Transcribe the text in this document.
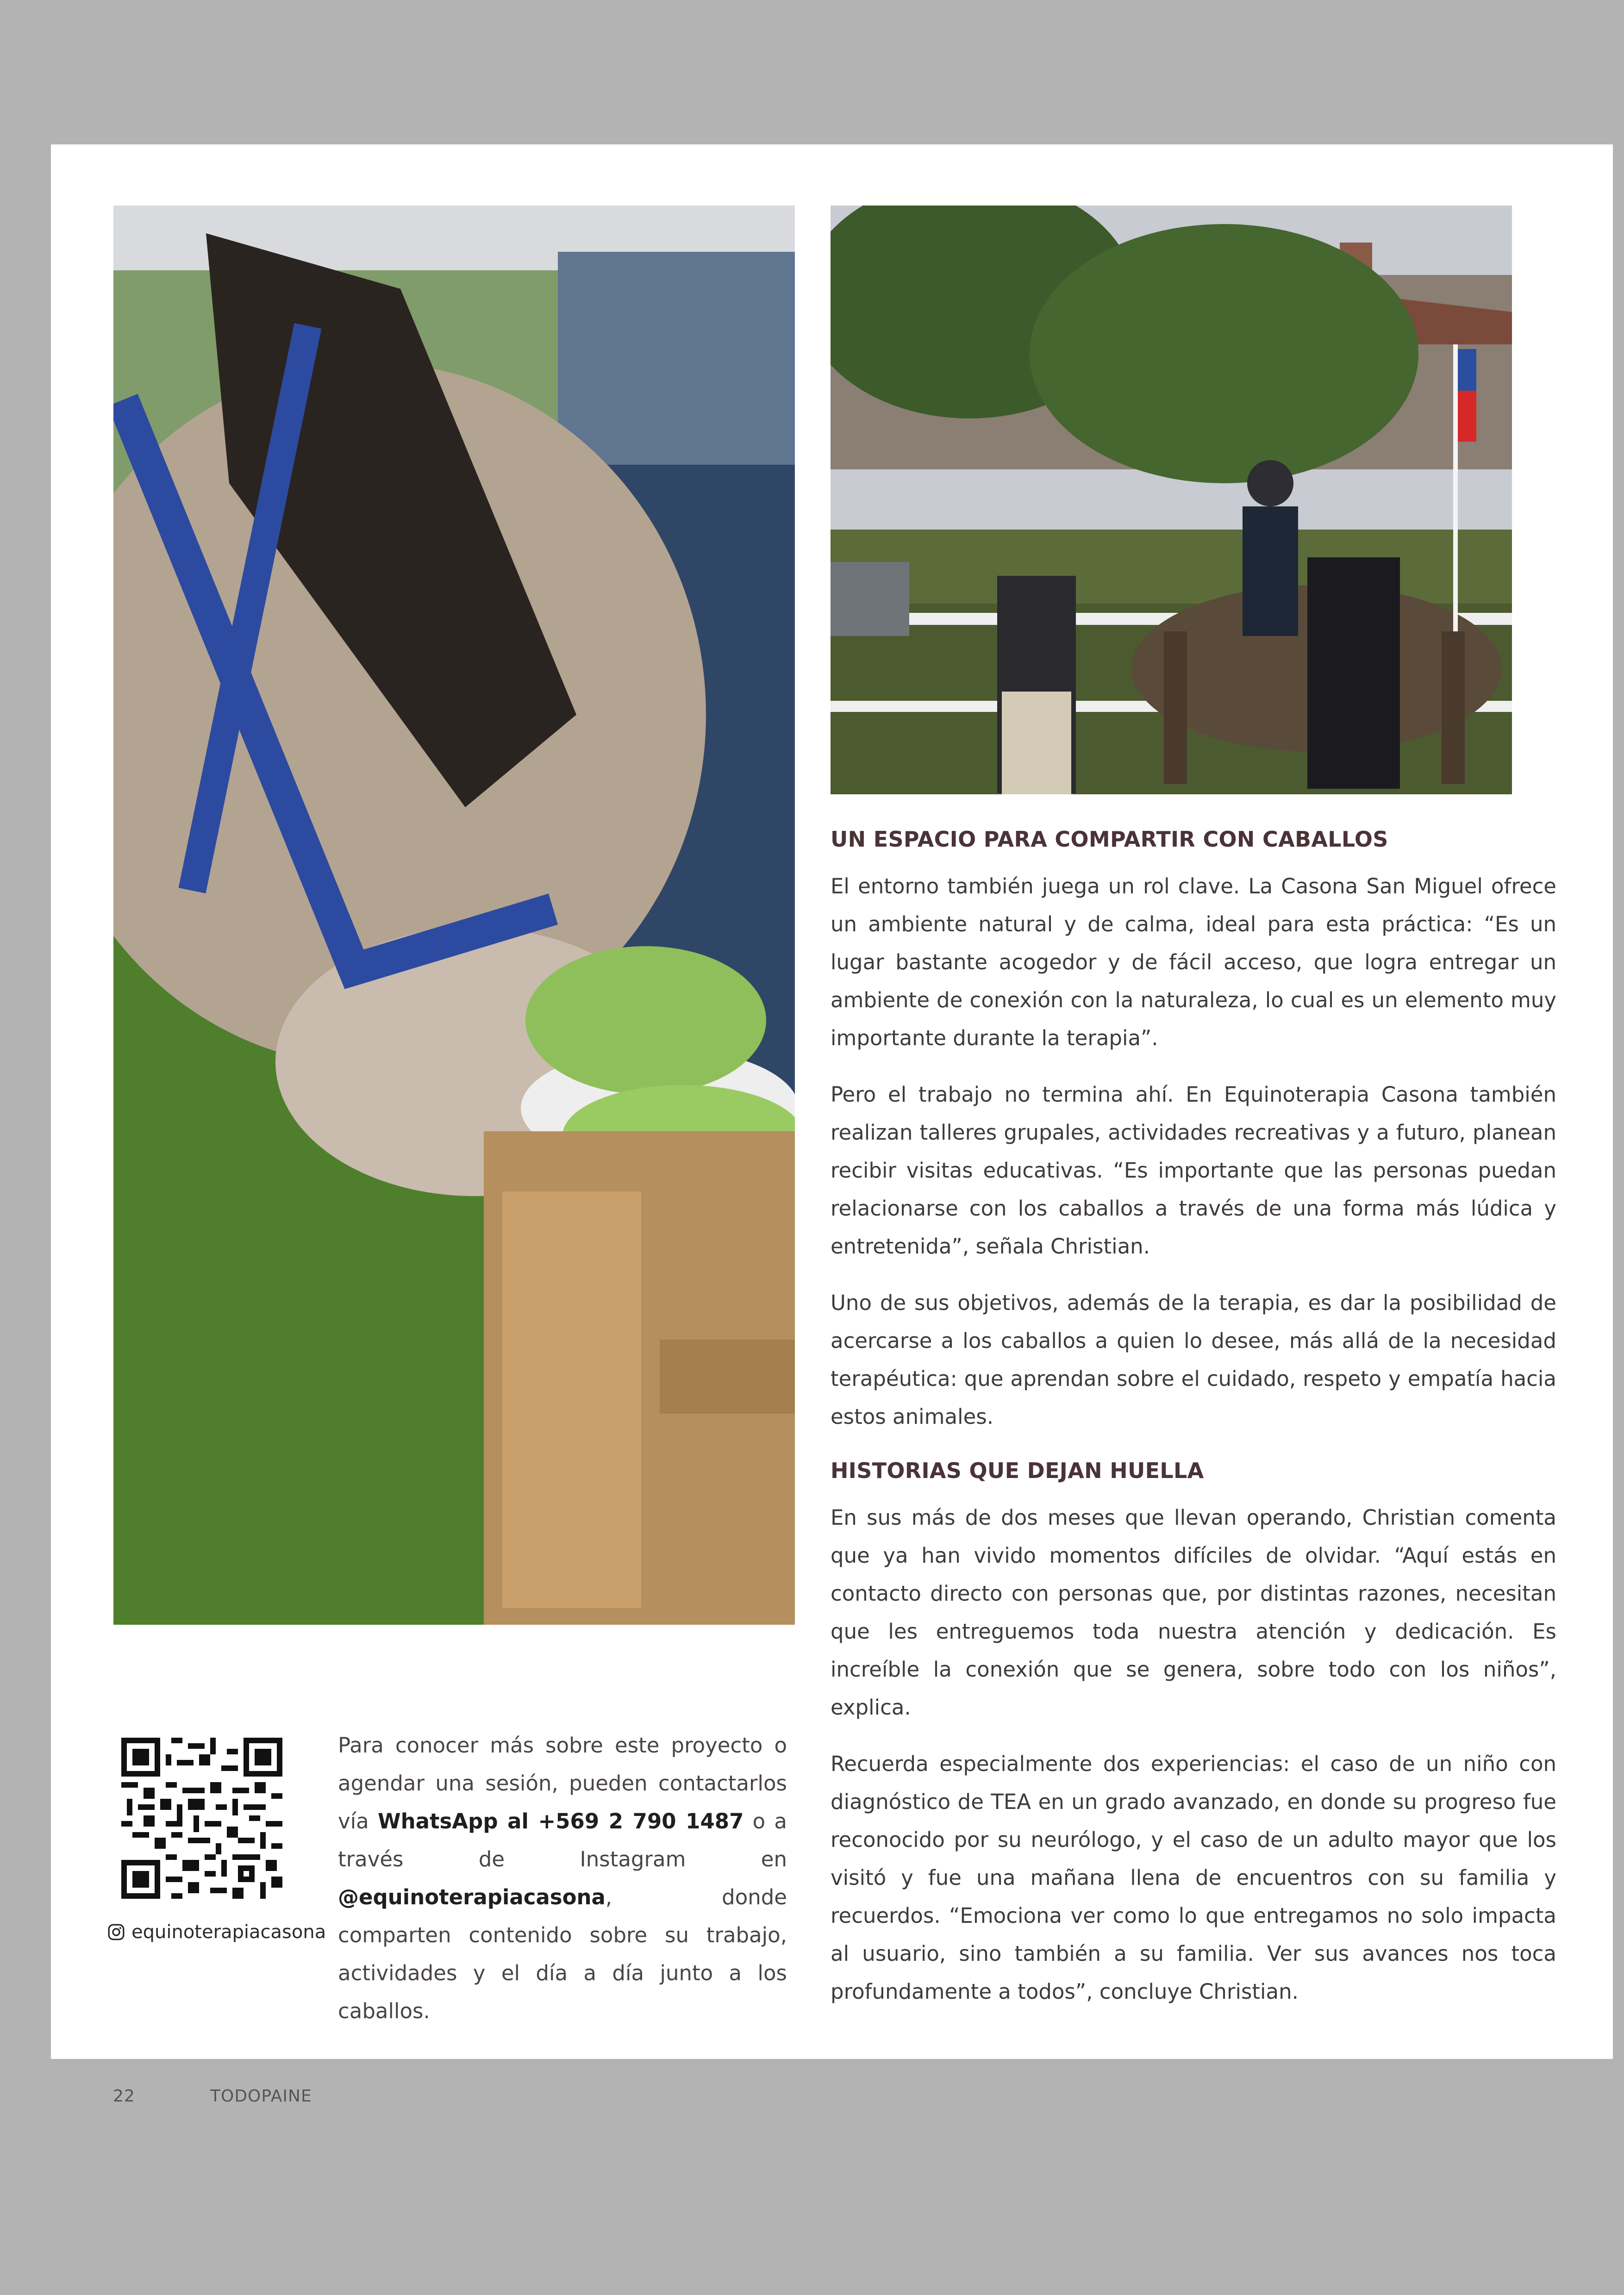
UN ESPACIO PARA COMPARTIR CON CABALLOS

El entorno también juega un rol clave. La Casona San Miguel ofrece un ambiente natural y de calma, ideal para esta práctica: “Es un lugar bastante acogedor y de fácil acceso, que logra entregar un ambiente de conexión con la naturaleza, lo cual es un elemento muy importante durante la terapia”.

Pero el trabajo no termina ahí. En Equinoterapia Casona también realizan talleres grupales, actividades recreativas y a futuro, planean recibir visitas educativas. “Es importante que las personas puedan relacionarse con los caballos a través de una forma más lúdica y entretenida”, señala Christian.

Uno de sus objetivos, además de la terapia, es dar la posibilidad de acercarse a los caballos a quien lo desee, más allá de la necesidad terapéutica: que aprendan sobre el cuidado, respeto y empatía hacia estos animales.

HISTORIAS QUE DEJAN HUELLA

En sus más de dos meses que llevan operando, Christian comenta que ya han vivido momentos difíciles de olvidar. “Aquí estás en contacto directo con personas que, por distintas razones, necesitan que les entreguemos toda nuestra atención y dedicación. Es increíble la conexión que se genera, sobre todo con los niños”, explica.

Recuerda especialmente dos experiencias: el caso de un niño con diagnóstico de TEA en un grado avanzado, en donde su progreso fue reconocido por su neurólogo, y el caso de un adulto mayor que los visitó y fue una mañana llena de encuentros con su familia y recuerdos. “Emociona ver como lo que entregamos no solo impacta al usuario, sino también a su familia. Ver sus avances nos toca profundamente a todos”, concluye Christian.

equinoterapiacasona
Para conocer más sobre este proyecto o agendar una sesión, pueden contactarlos vía WhatsApp al +569 2 790 1487 o a través de Instagram en @equinoterapiacasona, donde comparten contenido sobre su trabajo, actividades y el día a día junto a los caballos.
22	TODOPAINE
